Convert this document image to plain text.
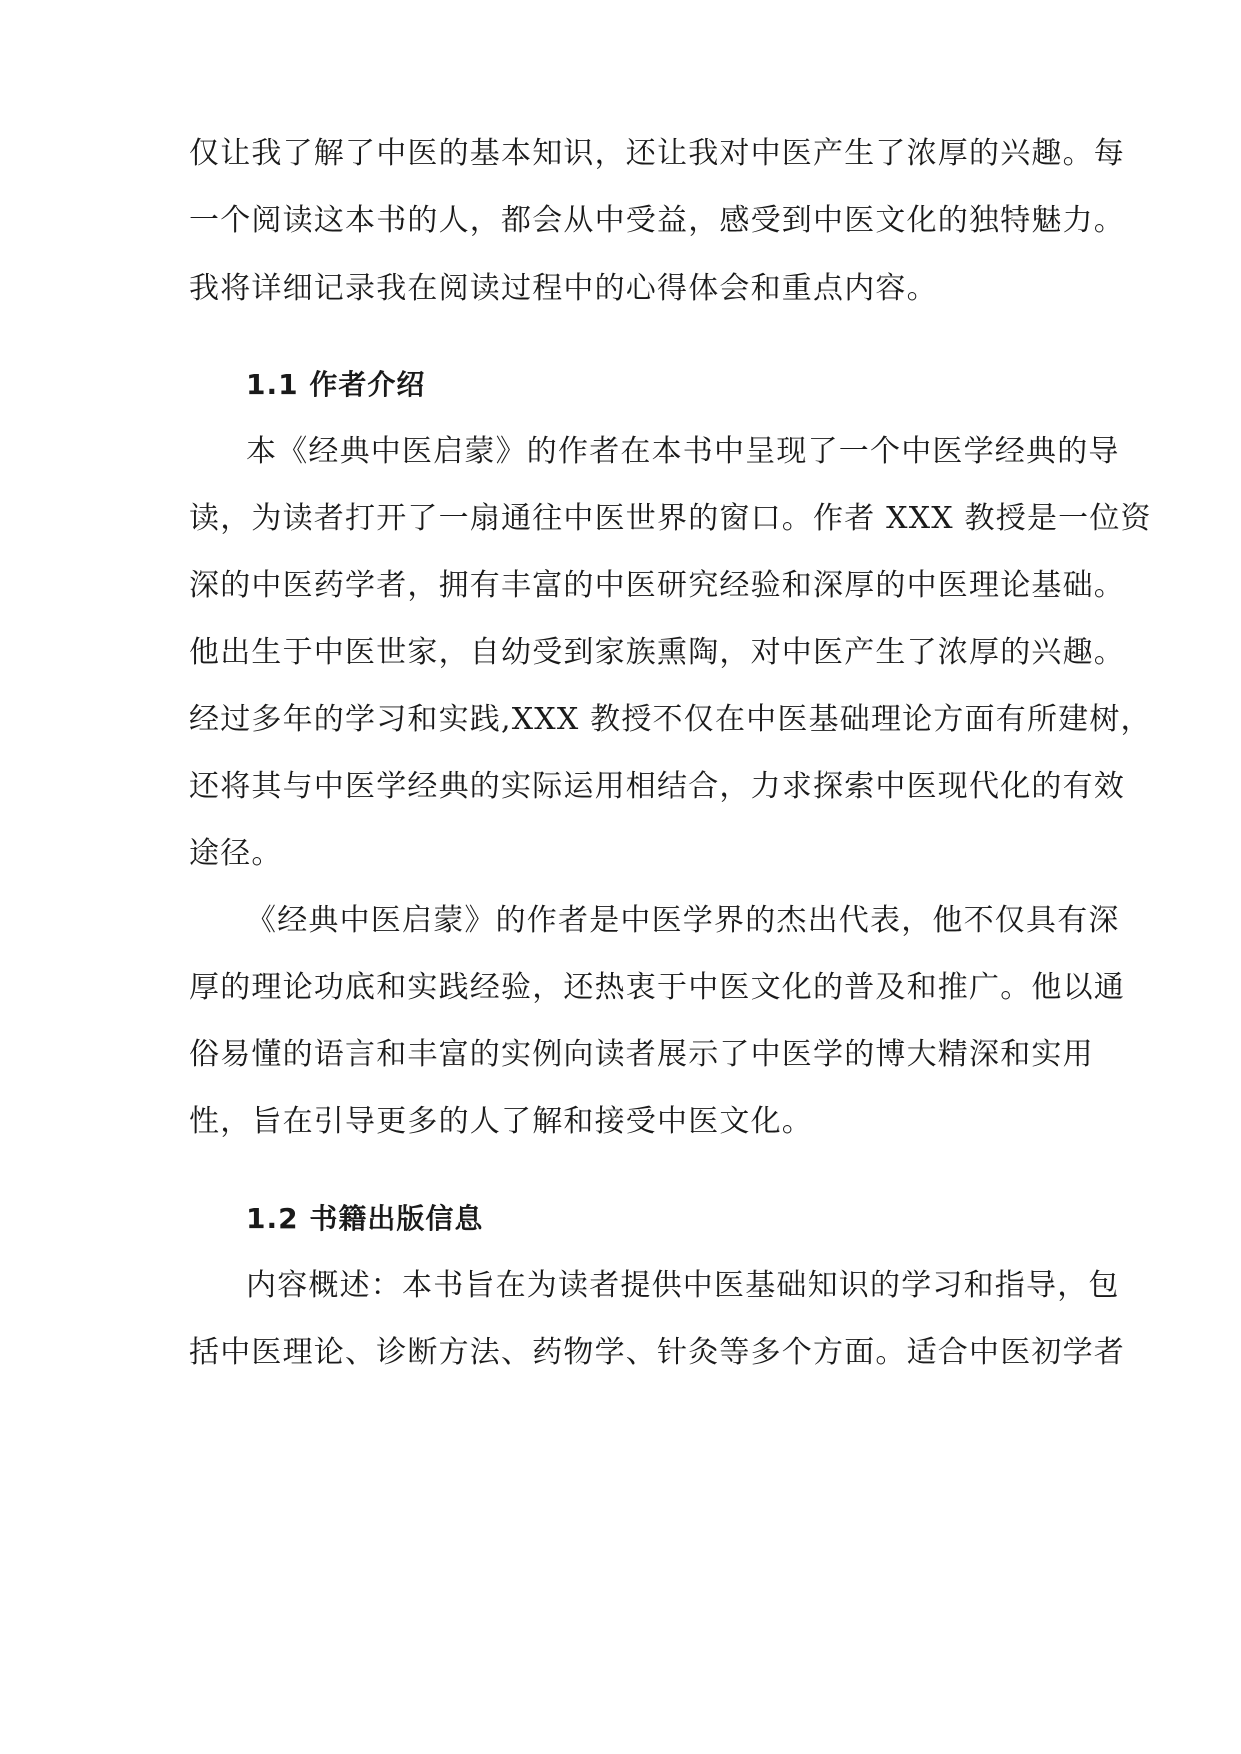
仅让我了解了中医的基本知识，还让我对中医产生了浓厚的兴趣。每
一个阅读这本书的人，都会从中受益，感受到中医文化的独特魅力。
我将详细记录我在阅读过程中的心得体会和重点内容。
1.1 作者介绍
本《经典中医启蒙》的作者在本书中呈现了一个中医学经典的导
读，为读者打开了一扇通往中医世界的窗口。作者 XXX 教授是一位资
深的中医药学者，拥有丰富的中医研究经验和深厚的中医理论基础。
他出生于中医世家，自幼受到家族熏陶，对中医产生了浓厚的兴趣。
经过多年的学习和实践,XXX 教授不仅在中医基础理论方面有所建树，
还将其与中医学经典的实际运用相结合，力求探索中医现代化的有效
途径。
《经典中医启蒙》的作者是中医学界的杰出代表，他不仅具有深
厚的理论功底和实践经验，还热衷于中医文化的普及和推广。他以通
俗易懂的语言和丰富的实例向读者展示了中医学的博大精深和实用
性，旨在引导更多的人了解和接受中医文化。
1.2 书籍出版信息
内容概述：本书旨在为读者提供中医基础知识的学习和指导，包
括中医理论、诊断方法、药物学、针灸等多个方面。适合中医初学者
